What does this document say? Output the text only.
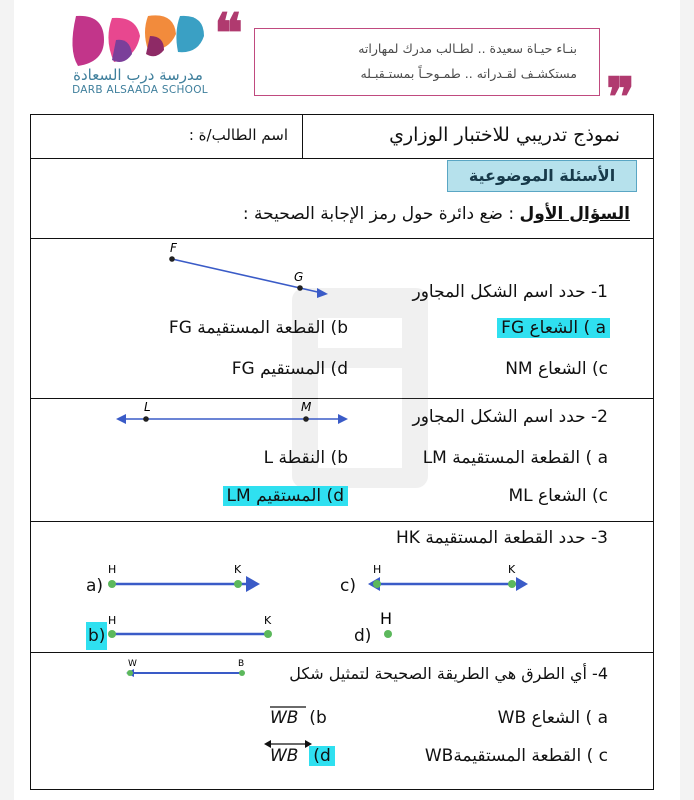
مدرسة درب السعادة
DARB ALSAADA SCHOOL
❝
❞
بنـاء حيـاة سعيدة .. لطـالب مدرك لمهاراته
مستكشـف لقـدراته .. طمـوحـاً بمستـقبـله
نموذج تدريبي للاختبار الوزاري
اسم الطالب/ة :
الأسئلة الموضوعية
السؤال الأول : ضع دائرة حول رمز الإجابة الصحيحة :
F
G
L	M
H	K	H	K
H	K	H
W	B
1- حدد اسم الشكل المجاور
a ) الشعاع FG
b) القطعة المستقيمة FG
c) الشعاع NM
d) المستقيم FG
2- حدد اسم الشكل المجاور
a ) القطعة المستقيمة LM
b) النقطة L
c) الشعاع ML
d) المستقيم LM
3- حدد القطعة المستقيمة HK
a)	c)
b)	d)
4- أي الطرق هي الطريقة الصحيحة لتمثيل شكل
a ) الشعاع WB
WB  (b
c ) القطعة المستقيمةWB
WB (d
